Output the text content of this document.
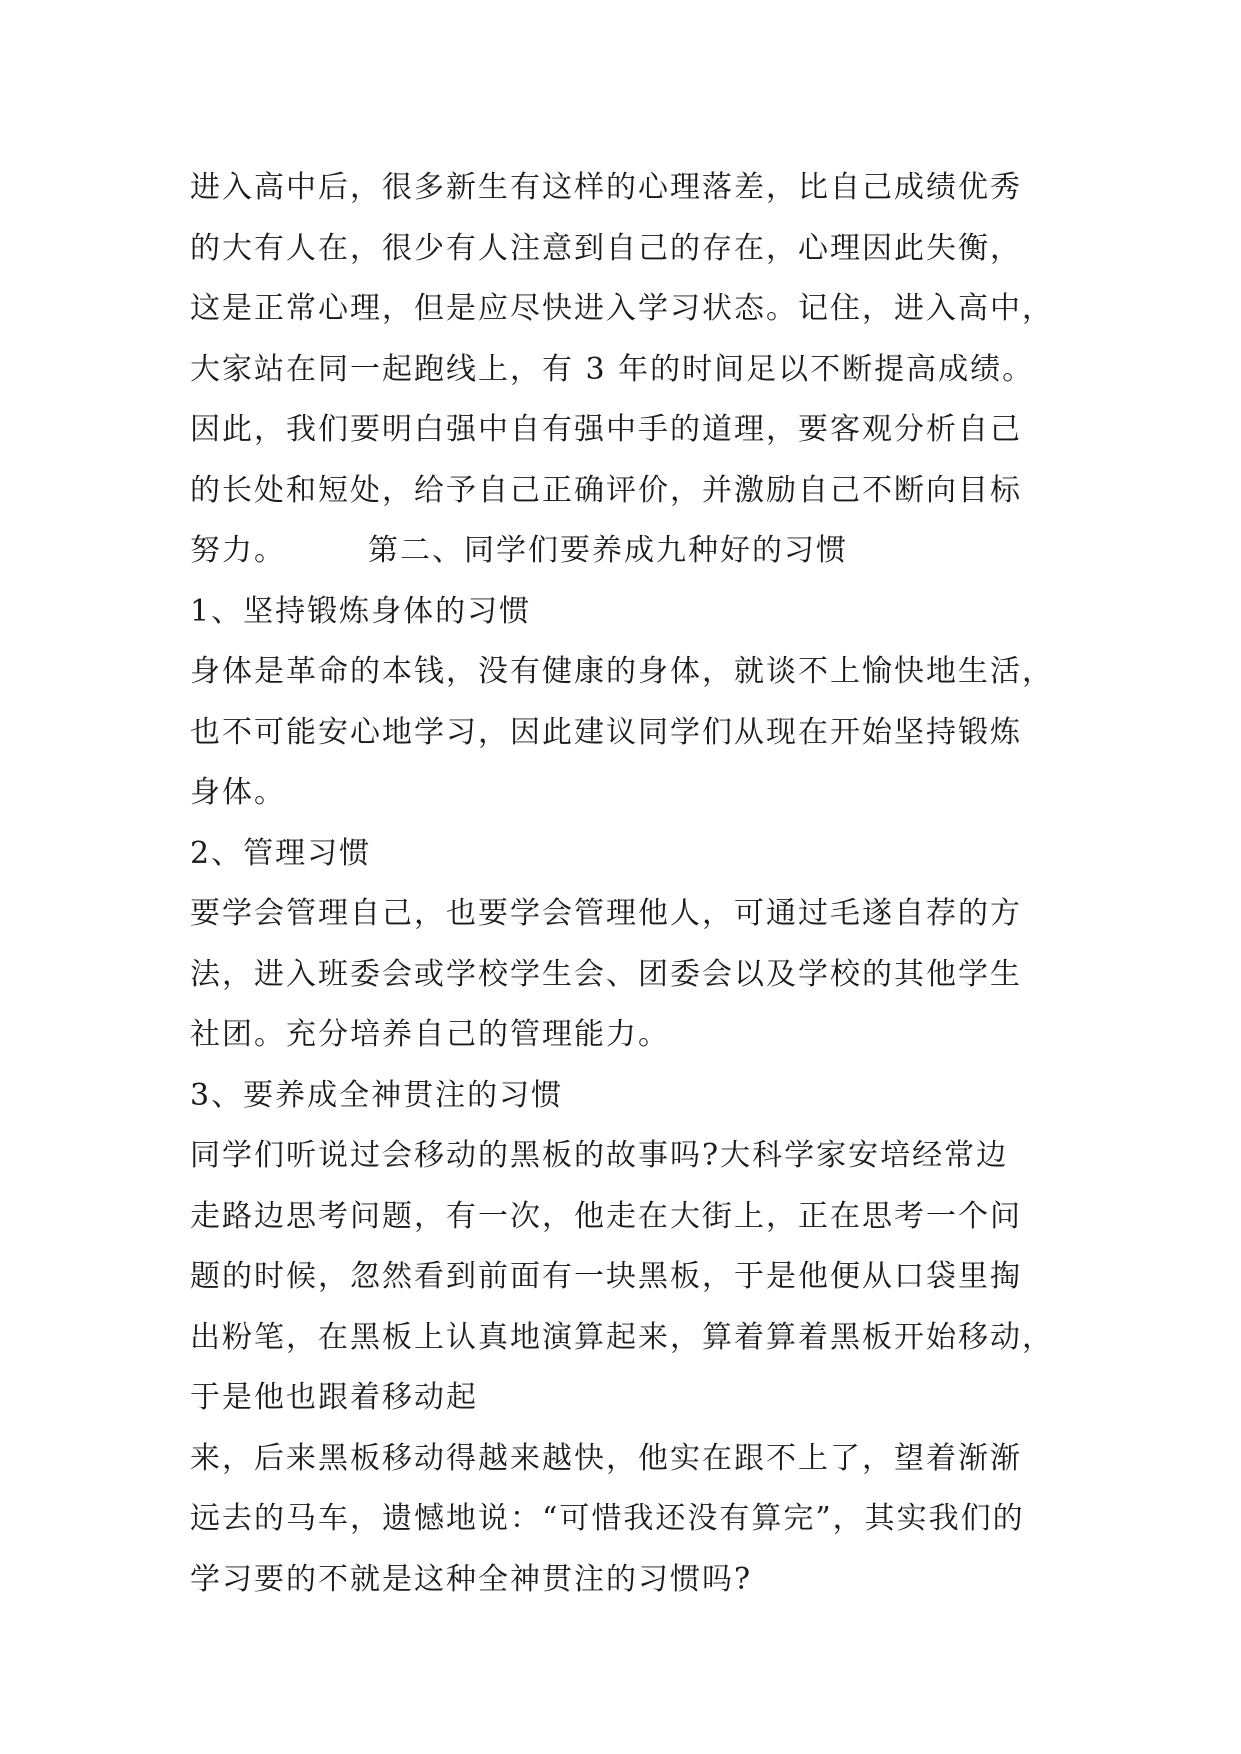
进入高中后，很多新生有这样的心理落差，比自己成绩优秀
的大有人在，很少有人注意到自己的存在，心理因此失衡，
这是正常心理，但是应尽快进入学习状态。记住，进入高中，
大家站在同一起跑线上，有 3 年的时间足以不断提高成绩。
因此，我们要明白强中自有强中手的道理，要客观分析自己
的长处和短处，给予自己正确评价，并激励自己不断向目标
努力。	第二、同学们要养成九种好的习惯
1、坚持锻炼身体的习惯
身体是革命的本钱，没有健康的身体，就谈不上愉快地生活，
也不可能安心地学习，因此建议同学们从现在开始坚持锻炼
身体。
2、管理习惯
要学会管理自己，也要学会管理他人，可通过毛遂自荐的方
法，进入班委会或学校学生会、团委会以及学校的其他学生
社团。充分培养自己的管理能力。
3、要养成全神贯注的习惯
同学们听说过会移动的黑板的故事吗?大科学家安培经常边
走路边思考问题，有一次，他走在大街上，正在思考一个问
题的时候，忽然看到前面有一块黑板，于是他便从口袋里掏
出粉笔，在黑板上认真地演算起来，算着算着黑板开始移动，
于是他也跟着移动起
来，后来黑板移动得越来越快，他实在跟不上了，望着渐渐
远去的马车，遗憾地说：“可惜我还没有算完”，其实我们的
学习要的不就是这种全神贯注的习惯吗?
